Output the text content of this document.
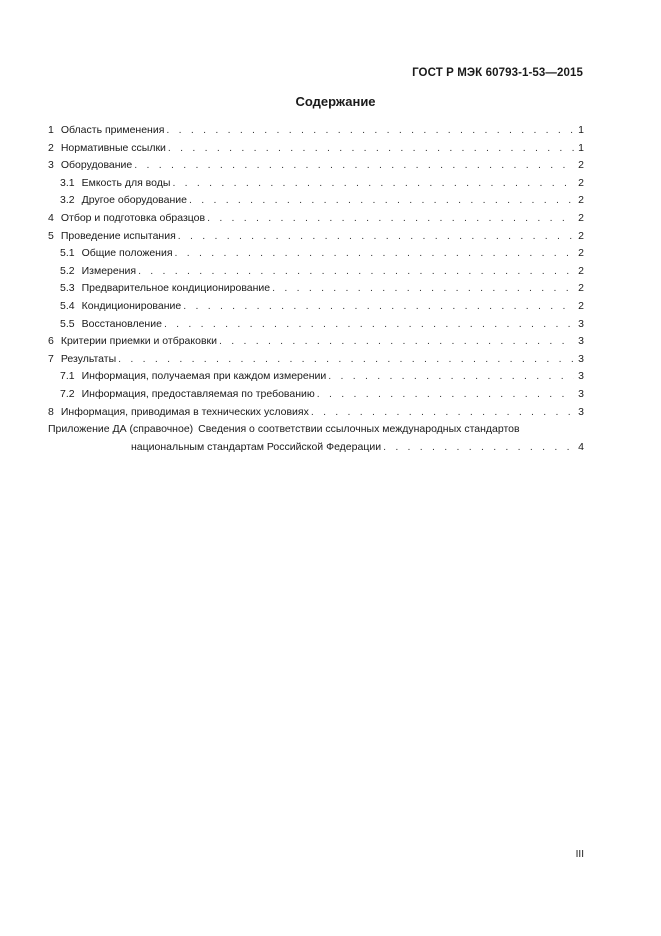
ГОСТ Р МЭК 60793-1-53—2015
Содержание
1 Область применения . . .	1
2 Нормативные ссылки . . .	1
3 Оборудование . . .	2
3.1 Емкость для воды . . .	2
3.2 Другое оборудование . . .	2
4 Отбор и подготовка образцов . . .	2
5 Проведение испытания . . .	2
5.1 Общие положения . . .	2
5.2 Измерения . . .	2
5.3 Предварительное кондиционирование . . .	2
5.4 Кондиционирование . . .	2
5.5 Восстановление . . .	3
6 Критерии приемки и отбраковки . . .	3
7 Результаты . . .	3
7.1 Информация, получаемая при каждом измерении . . .	3
7.2 Информация, предоставляемая по требованию . . .	3
8 Информация, приводимая в технических условиях . . .	3
Приложение ДА (справочное) Сведения о соответствии ссылочных международных стандартов
национальным стандартам Российской Федерации . . .	4
III
